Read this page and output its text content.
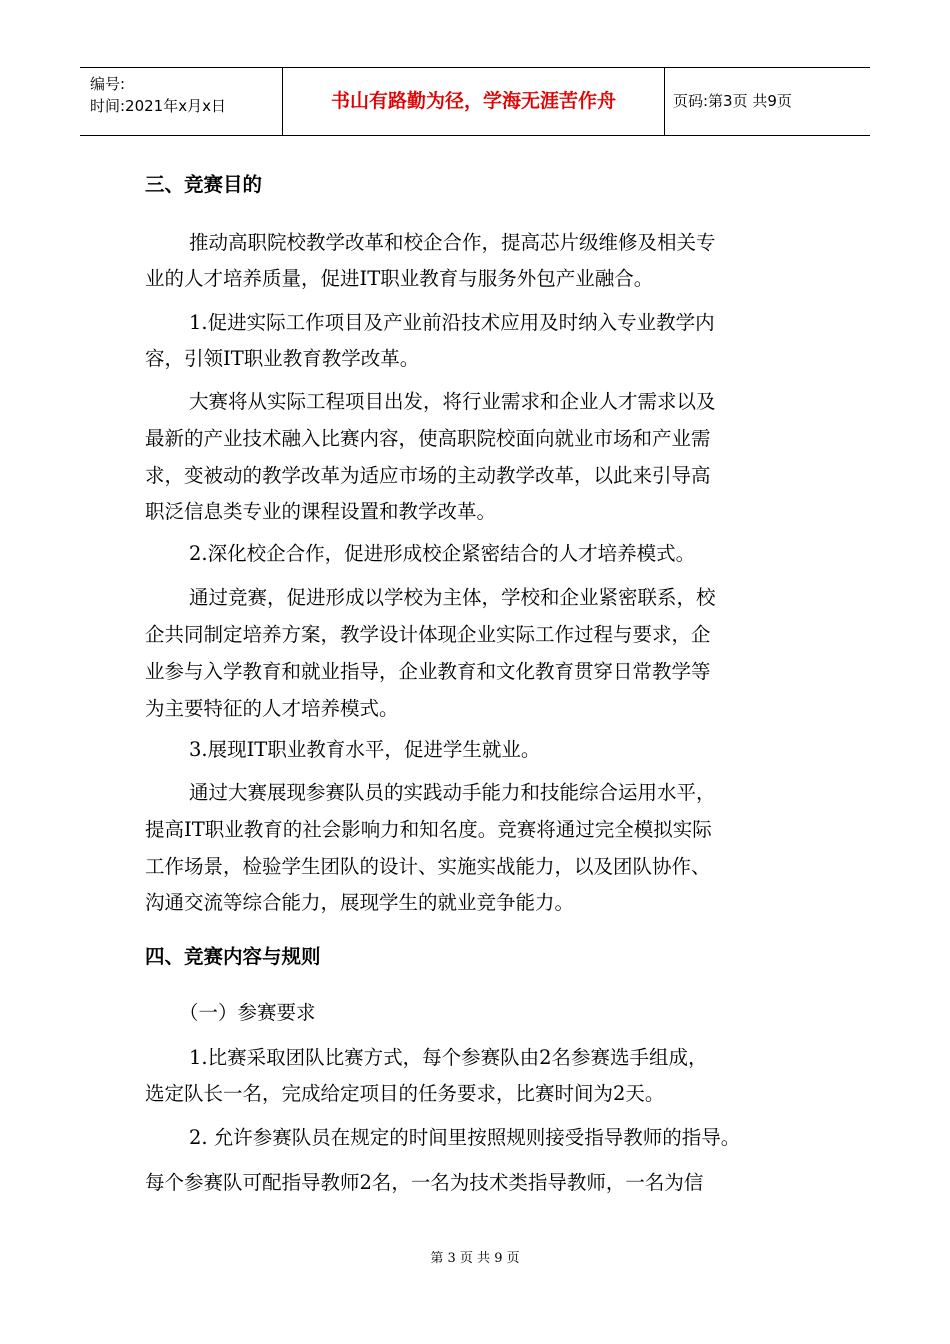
编号:
时间:2021年x月x日	书山有路勤为径，学海无涯苦作舟	页码:第3页 共9页
三、竞赛目的
推动高职院校教学改革和校企合作，提高芯片级维修及相关专
业的人才培养质量，促进IT职业教育与服务外包产业融合。
1.促进实际工作项目及产业前沿技术应用及时纳入专业教学内
容，引领IT职业教育教学改革。
大赛将从实际工程项目出发，将行业需求和企业人才需求以及
最新的产业技术融入比赛内容，使高职院校面向就业市场和产业需
求，变被动的教学改革为适应市场的主动教学改革，以此来引导高
职泛信息类专业的课程设置和教学改革。
2.深化校企合作，促进形成校企紧密结合的人才培养模式。
通过竞赛，促进形成以学校为主体，学校和企业紧密联系，校
企共同制定培养方案，教学设计体现企业实际工作过程与要求，企
业参与入学教育和就业指导，企业教育和文化教育贯穿日常教学等
为主要特征的人才培养模式。
3.展现IT职业教育水平，促进学生就业。
通过大赛展现参赛队员的实践动手能力和技能综合运用水平，
提高IT职业教育的社会影响力和知名度。竞赛将通过完全模拟实际
工作场景，检验学生团队的设计、实施实战能力，以及团队协作、
沟通交流等综合能力，展现学生的就业竞争能力。
四、竞赛内容与规则
（一）参赛要求
1.比赛采取团队比赛方式，每个参赛队由2名参赛选手组成，
选定队长一名，完成给定项目的任务要求，比赛时间为2天。
2. 允许参赛队员在规定的时间里按照规则接受指导教师的指导。
每个参赛队可配指导教师2名，一名为技术类指导教师，一名为信
第 3 页 共 9 页
